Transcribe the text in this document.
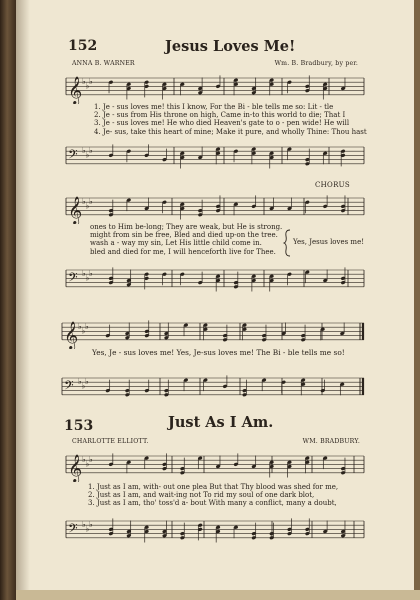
152	Jesus Loves Me!
ANNA B. WARNER	Wm. B. Bradbury, by per.
𝄞 ♭ ♭ ♭
1. Je - sus loves me! this I know, For the Bi - ble tells me so: Lit - tle
2. Je - sus from His throne on high, Came in-to this world to die; That I
3. Je - sus loves me! He who died Heaven's gate to o - pen wide! He will
4. Je- sus, take this heart of mine; Make it pure, and wholly Thine: Thou hast
𝄢 ♭ ♭ ♭
CHORUS
𝄞 ♭ ♭ ♭
ones to Him be-long; They are weak, but He is strong.
might from sin be free, Bled and died up-on the tree.
wash a - way my sin, Let His little child come in.
bled and died for me, I will henceforth live for Thee.
Yes, Jesus loves me!
𝄢 ♭ ♭ ♭
𝄞 ♭ ♭ ♭
Yes, Je - sus loves me! Yes, Je-sus loves me! The Bi - ble tells me so!
𝄢 ♭ ♭ ♭
153	Just As I Am.
CHARLOTTE ELLIOTT.	WM. BRADBURY.
𝄞 ♭ ♭ ♭
1. Just as I am, with- out one plea But that Thy blood was shed for me,
2. Just as I am, and wait-ing not To rid my soul of one dark blot,
3. Just as I am, tho' toss'd a- bout With many a conflict, many a doubt,
𝄢 ♭ ♭ ♭
